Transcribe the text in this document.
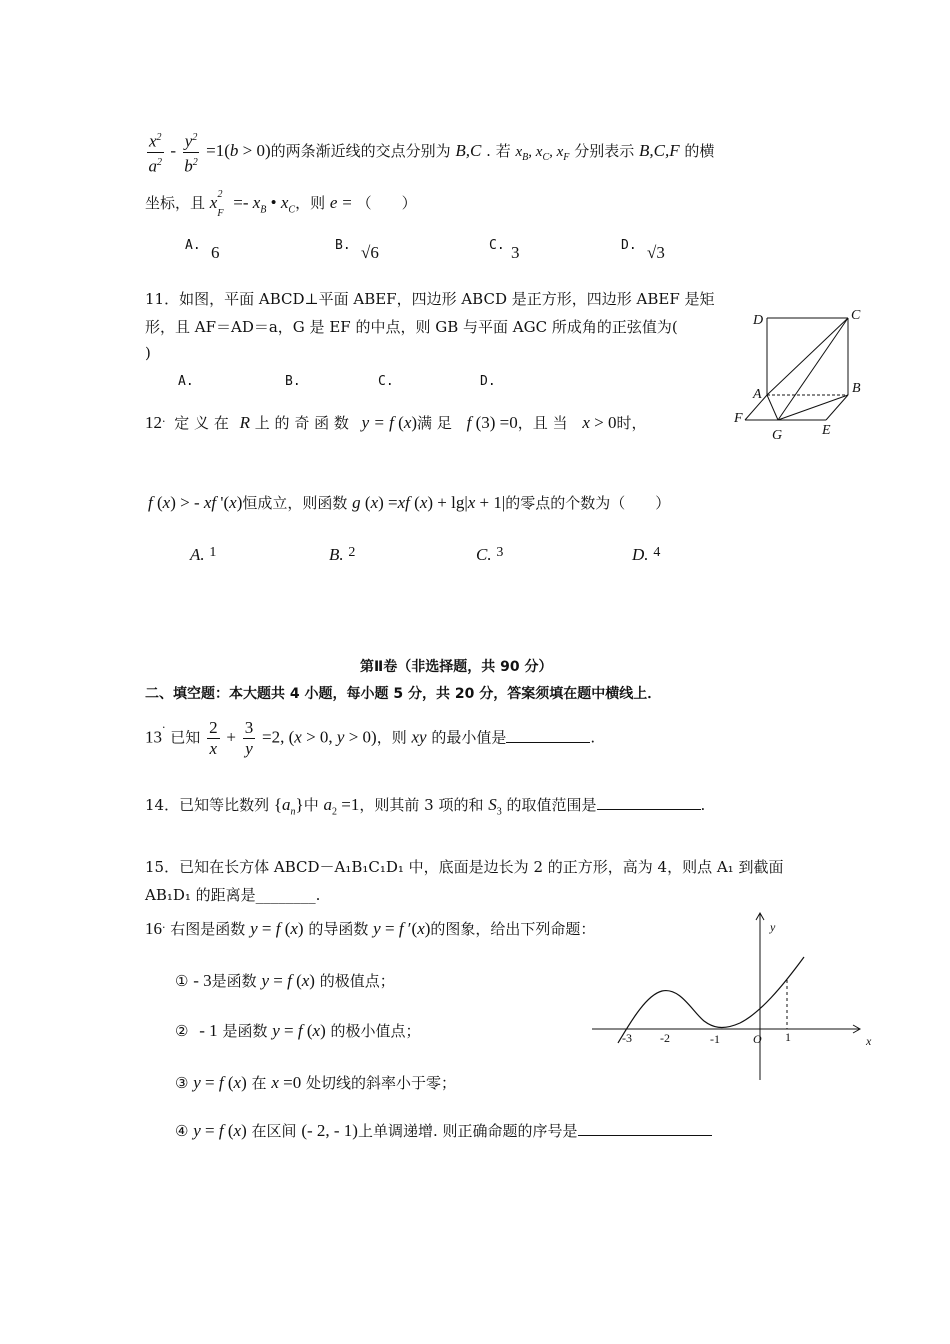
$\frac{x^2}{a^2} - \frac{y^2}{b^2} =1(b > 0)$的两条渐近线的交点分别为 B,C . 若 $x_B$, $x_C$, $x_F$ 分别表示 B,C,F 的横
坐标，且 $x_F^2 =- x_B$ • $x_C$，则 e = （　　）
A. 6	B. √6	C. 3	D. √3
11．如图，平面 ABCD⊥平面 ABEF，四边形 ABCD 是正方形，四边形 ABEF 是矩
形，且 AF＝AD＝a，G 是 EF 的中点，则 GB 与平面 AGC 所成角的正弦值为(
)
A.	B.	C.	D.
D	C
A	B
F
G	E
12. 定 义 在 R 上 的 奇 函 数 y = f (x)满 足 f (3) =0，且 当 x > 0时，
f (x) > - xf '(x)恒成立，则函数 g (x) =xf (x) + lg|x + 1|的零点的个数为（　　）
A. 1	B. 2	C. 3	D. 4
第Ⅱ卷（非选择题，共 90 分）
二、填空题：本大题共 4 小题，每小题 5 分，共 20 分，答案须填在题中横线上．
13. 已知 $\frac{2}{x} + \frac{3}{y} =2$, (x > 0, y > 0)，则 xy 的最小值是	.
14．已知等比数列 $\{a_n\}$中 $a_2 =1$，则其前 3 项的和 $S_3$ 的取值范围是	.
15．已知在长方体 ABCD－A₁B₁C₁D₁ 中，底面是边长为 2 的正方形，高为 4，则点 A₁ 到截面
AB₁D₁ 的距离是________.
16. 右图是函数 y = f (x) 的导函数 y = f ′(x)的图象，给出下列命题：
① - 3是函数 y = f (x) 的极值点；
② - 1 是函数 y = f (x) 的极小值点；
③ y = f (x) 在 x =0 处切线的斜率小于零；
④ y = f (x) 在区间 (- 2, - 1)上单调递增. 则正确命题的序号是
x
y
-3 -2	-1	O 1
